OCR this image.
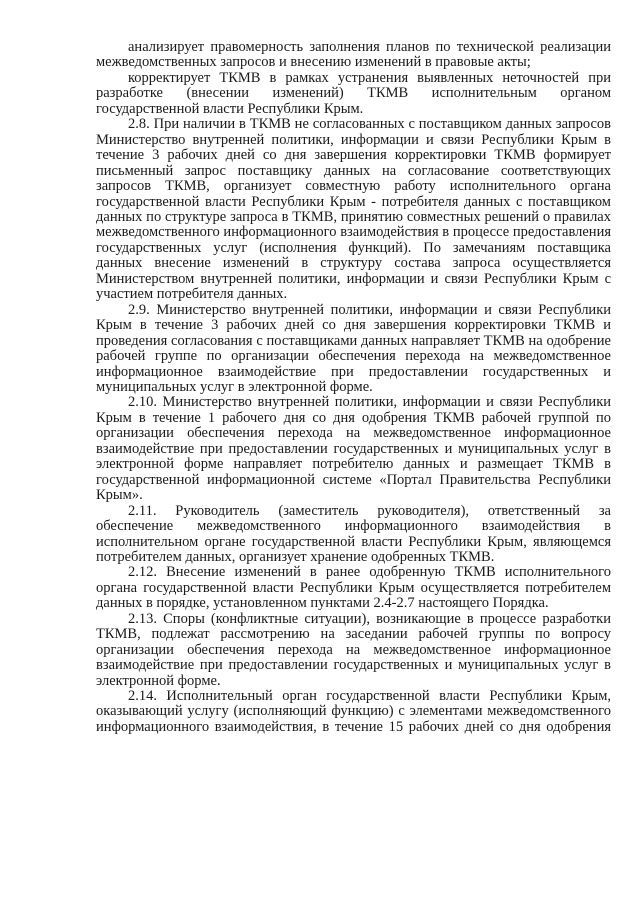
анализирует правомерность заполнения планов по технической реализации межведомственных запросов и внесению изменений в правовые акты;

корректирует ТКМВ в рамках устранения выявленных неточностей при разработке (внесении изменений) ТКМВ исполнительным органом государственной власти Республики Крым.

2.8. При наличии в ТКМВ не согласованных с поставщиком данных запросов Министерство внутренней политики, информации и связи Республики Крым в течение 3 рабочих дней со дня завершения корректировки ТКМВ формирует письменный запрос поставщику данных на согласование соответствующих запросов ТКМВ, организует совместную работу исполнительного органа государственной власти Республики Крым - потребителя данных с поставщиком данных по структуре запроса в ТКМВ, принятию совместных решений о правилах межведомственного информационного взаимодействия в процессе предоставления государственных услуг (исполнения функций). По замечаниям поставщика данных внесение изменений в структуру состава запроса осуществляется Министерством внутренней политики, информации и связи Республики Крым с участием потребителя данных.

2.9. Министерство внутренней политики, информации и связи Республики Крым в течение 3 рабочих дней со дня завершения корректировки ТКМВ и проведения согласования с поставщиками данных направляет ТКМВ на одобрение рабочей группе по организации обеспечения перехода на межведомственное информационное взаимодействие при предоставлении государственных и муниципальных услуг в электронной форме.

2.10. Министерство внутренней политики, информации и связи Республики Крым в течение 1 рабочего дня со дня одобрения ТКМВ рабочей группой по организации обеспечения перехода на межведомственное информационное взаимодействие при предоставлении государственных и муниципальных услуг в электронной форме направляет потребителю данных и размещает ТКМВ в государственной информационной системе «Портал Правительства Республики Крым».

2.11. Руководитель (заместитель руководителя), ответственный за обеспечение межведомственного информационного взаимодействия в исполнительном органе государственной власти Республики Крым, являющемся потребителем данных, организует хранение одобренных ТКМВ.

2.12. Внесение изменений в ранее одобренную ТКМВ исполнительного органа государственной власти Республики Крым осуществляется потребителем данных в порядке, установленном пунктами 2.4-2.7 настоящего Порядка.

2.13. Споры (конфликтные ситуации), возникающие в процессе разработки ТКМВ, подлежат рассмотрению на заседании рабочей группы по вопросу организации обеспечения перехода на межведомственное информационное взаимодействие при предоставлении государственных и муниципальных услуг в электронной форме.

2.14. Исполнительный орган государственной власти Республики Крым, оказывающий услугу (исполняющий функцию) с элементами межведомственного информационного взаимодействия, в течение 15 рабочих дней со дня одобрения
